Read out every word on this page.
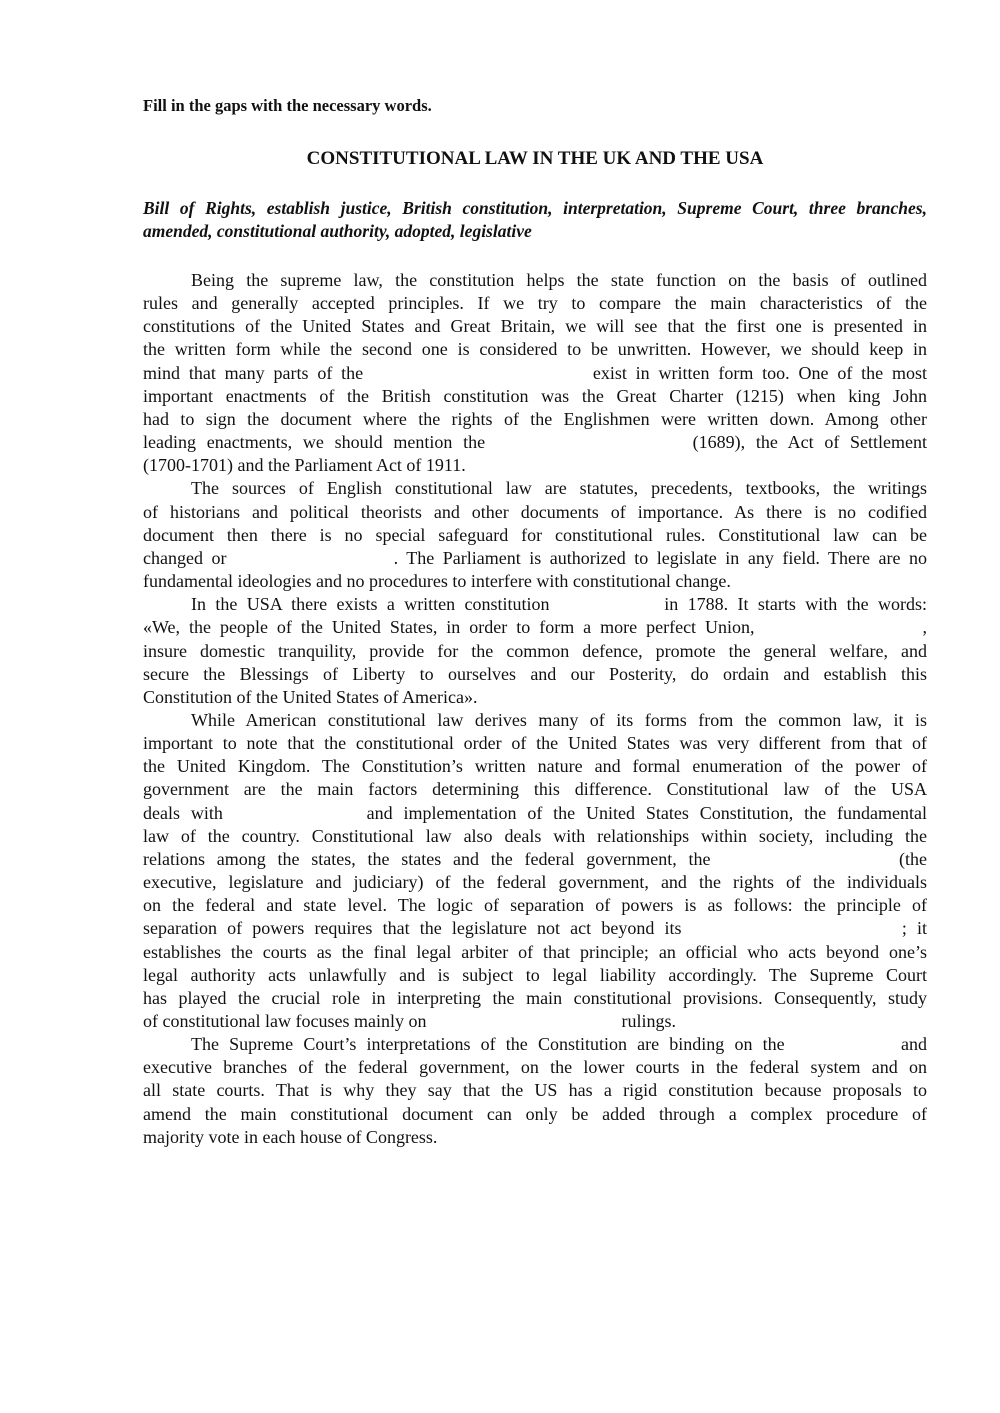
Fill in the gaps with the necessary words.
CONSTITUTIONAL LAW IN THE UK AND THE USA
Bill of Rights, establish justice, British constitution, interpretation, Supreme Court, three branches, amended, constitutional authority, adopted, legislative
Being the supreme law, the constitution helps the state function on the basis of outlined
rules and generally accepted principles. If we try to compare the main characteristics of the
constitutions of the United States and Great Britain, we will see that the first one is presented in
the written form while the second one is considered to be unwritten. However, we should keep in
mind that many parts of the	exist in written form too. One of the most
important enactments of the British constitution was the Great Charter (1215) when king John
had to sign the document where the rights of the Englishmen were written down. Among other
leading enactments, we should mention the	(1689), the Act of Settlement
(1700-1701) and the Parliament Act of 1911.
The sources of English constitutional law are statutes, precedents, textbooks, the writings
of historians and political theorists and other documents of importance. As there is no codified
document then there is no special safeguard for constitutional rules. Constitutional law can be
changed or	. The Parliament is authorized to legislate in any field. There are no
fundamental ideologies and no procedures to interfere with constitutional change.
In the USA there exists a written constitution	in 1788. It starts with the words:
«We, the people of the United States, in order to form a more perfect Union,	,
insure domestic tranquility, provide for the common defence, promote the general welfare, and
secure the Blessings of Liberty to ourselves and our Posterity, do ordain and establish this
Constitution of the United States of America».
While American constitutional law derives many of its forms from the common law, it is
important to note that the constitutional order of the United States was very different from that of
the United Kingdom. The Constitution’s written nature and formal enumeration of the power of
government are the main factors determining this difference. Constitutional law of the USA
deals with	and implementation of the United States Constitution, the fundamental
law of the country. Constitutional law also deals with relationships within society, including the
relations among the states, the states and the federal government, the	(the
executive, legislature and judiciary) of the federal government, and the rights of the individuals
on the federal and state level. The logic of separation of powers is as follows: the principle of
separation of powers requires that the legislature not act beyond its	; it
establishes the courts as the final legal arbiter of that principle; an official who acts beyond one’s
legal authority acts unlawfully and is subject to legal liability accordingly. The Supreme Court
has played the crucial role in interpreting the main constitutional provisions. Consequently, study
of constitutional law focuses mainly on	rulings.
The Supreme Court’s interpretations of the Constitution are binding on the	and
executive branches of the federal government, on the lower courts in the federal system and on
all state courts. That is why they say that the US has a rigid constitution because proposals to
amend the main constitutional document can only be added through a complex procedure of
majority vote in each house of Congress.
